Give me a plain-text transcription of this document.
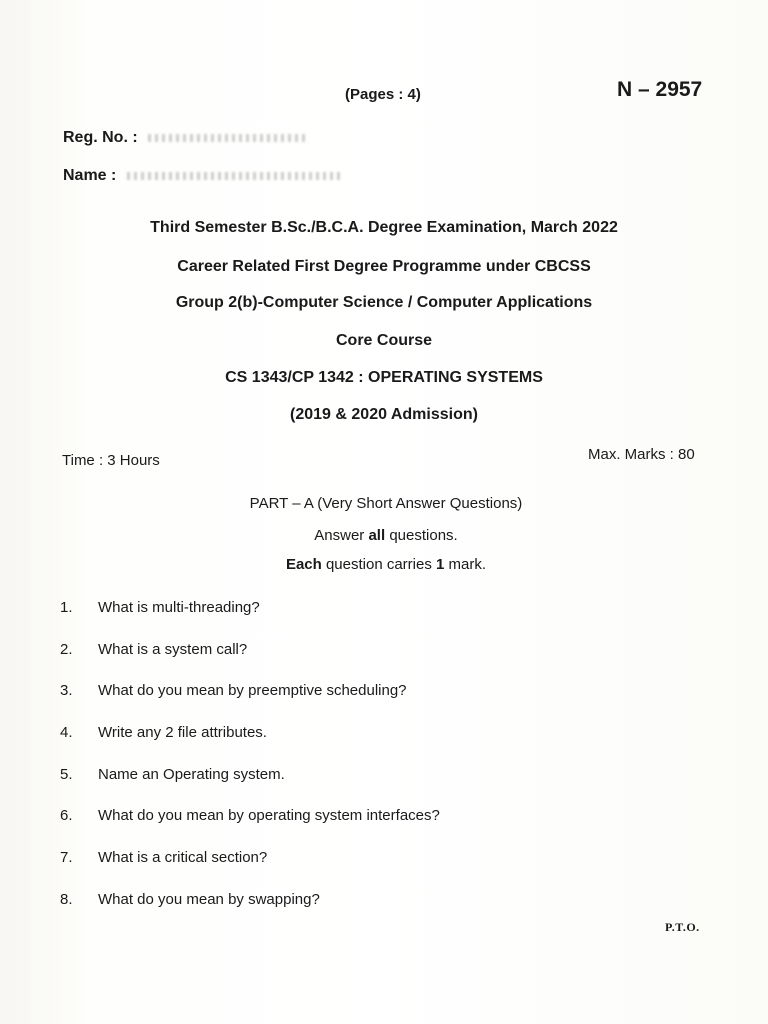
(Pages : 4)	N – 2957
Reg. No. :
Name :
Third Semester B.Sc./B.C.A. Degree Examination, March 2022
Career Related First Degree Programme under CBCSS
Group 2(b)-Computer Science / Computer Applications
Core Course
CS 1343/CP 1342 : OPERATING SYSTEMS
(2019 & 2020 Admission)
Time : 3 Hours	Max. Marks : 80
PART – A (Very Short Answer Questions)
Answer all questions.
Each question carries 1 mark.
1. What is multi-threading?
2. What is a system call?
3. What do you mean by preemptive scheduling?
4. Write any 2 file attributes.
5. Name an Operating system.
6. What do you mean by operating system interfaces?
7. What is a critical section?
8. What do you mean by swapping?
P.T.O.
